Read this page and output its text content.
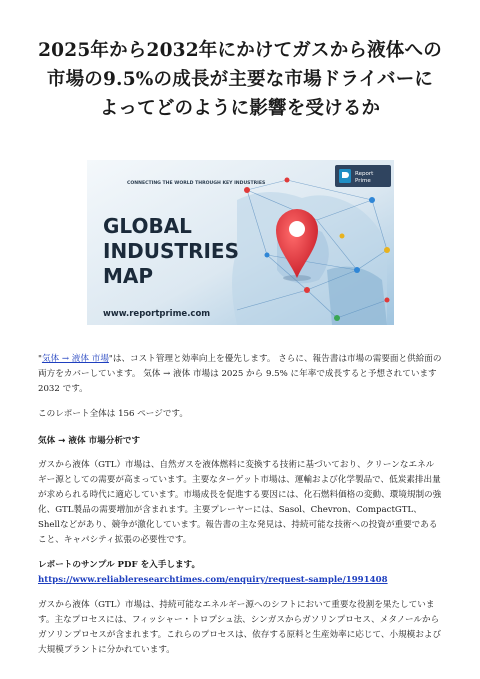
2025年から2032年にかけてガスから液体への市場の9.5%の成長が主要な市場ドライバーによってどのように影響を受けるか
Report
Prime
CONNECTING THE WORLD THROUGH KEY INDUSTRIES
GLOBAL
INDUSTRIES
MAP
www.reportprime.com

"気体 → 液体 市場"は、コスト管理と効率向上を優先します。 さらに、報告書は市場の需要面と供給面の両方をカバーしています。 気体 → 液体 市場は 2025 から 9.5% に年率で成長すると予想されています2032 です。

このレポート全体は 156 ページです。

気体 → 液体 市場分析です

ガスから液体（GTL）市場は、自然ガスを液体燃料に変換する技術に基づいており、クリーンなエネルギー源としての需要が高まっています。主要なターゲット市場は、運輸および化学製品で、低炭素排出量が求められる時代に適応しています。市場成長を促進する要因には、化石燃料価格の変動、環境規制の強化、GTL製品の需要増加が含まれます。主要プレーヤーには、Sasol、Chevron、CompactGTL、Shellなどがあり、競争が激化しています。報告書の主な発見は、持続可能な技術への投資が重要であること、キャパシティ拡張の必要性です。

レポートのサンプル PDF を入手します。 https://www.reliableresearchtimes.com/enquiry/request-sample/1991408

ガスから液体（GTL）市場は、持続可能なエネルギー源へのシフトにおいて重要な役割を果たしています。主なプロセスには、フィッシャー・トロプシュ法、シンガスからガソリンプロセス、メタノールからガソリンプロセスが含まれます。これらのプロセスは、依存する原料と生産効率に応じて、小規模および大規模プラントに分かれています。
